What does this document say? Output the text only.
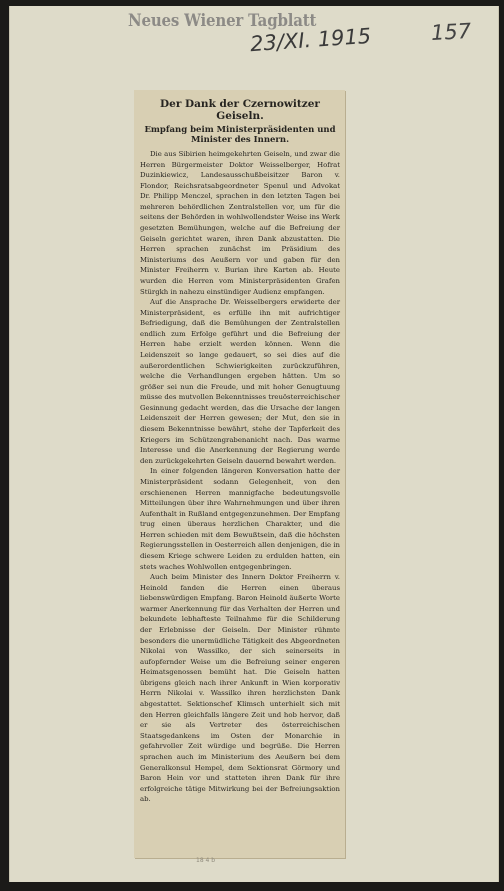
Neues Wiener Tagblatt
23/XI. 1915	157
Der Dank der Czernowitzer Geiseln.
Empfang beim Ministerpräsidenten und Minister des Innern.

Die aus Sibirien heimgekehrten Geiseln, und zwar die Herren Bürgermeister Doktor Weisselberger, Hofrat Duzinkiewicz, Landesausschußbeisitzer Baron v. Flondor, Reichsratsabgeordneter Spenul und Advokat Dr. Philipp Menczel, sprachen in den letzten Tagen bei mehreren behördlichen Zentralstellen vor, um für die seitens der Behörden in wohlwollendster Weise ins Werk gesetzten Bemühungen, welche auf die Befreiung der Geiseln gerichtet waren, ihren Dank abzustatten. Die Herren sprachen zunächst im Präsidium des Ministeriums des Aeußern vor und gaben für den Minister Freiherrn v. Burian ihre Karten ab. Heute wurden die Herren vom Ministerpräsidenten Grafen Stürgkh in nahezu einstündiger Audienz empfangen.

Auf die Ansprache Dr. Weisselbergers erwiderte der Ministerpräsident, es erfülle ihn mit aufrichtiger Befriedigung, daß die Bemühungen der Zentralstellen endlich zum Erfolge geführt und die Befreiung der Herren habe erzielt werden können. Wenn die Leidenszeit so lange gedauert, so sei dies auf die außerordentlichen Schwierigkeiten zurückzuführen, welche die Verhandlungen ergeben hätten. Um so größer sei nun die Freude, und mit hoher Genugtuung müsse des mutvollen Bekenntnisses treuösterreichischer Gesinnung gedacht werden, das die Ursache der langen Leidenszeit der Herren gewesen; der Mut, den sie in diesem Bekenntnisse bewährt, stehe der Tapferkeit des Kriegers im Schützengrabenanicht nach. Das warme Interesse und die Anerkennung der Regierung werde den zurückgekehrten Geiseln dauernd bewahrt werden.

In einer folgenden längeren Konversation hatte der Ministerpräsident sodann Gelegenheit, von den erschienenen Herren mannigfache bedeutungsvolle Mitteilungen über ihre Wahrnehmungen und über ihren Aufenthalt in Rußland entgegenzunehmen. Der Empfang trug einen überaus herzlichen Charakter, und die Herren schieden mit dem Bewußtsein, daß die höchsten Regierungsstellen in Oesterreich allen denjenigen, die in diesem Kriege schwere Leiden zu erdulden hatten, ein stets waches Wohlwollen entgegenbringen.

Auch beim Minister des Innern Doktor Freiherrn v. Heinold fanden die Herren einen überaus liebenswürdigen Empfang. Baron Heinold äußerte Worte warmer Anerkennung für das Verhalten der Herren und bekundete lebhafteste Teilnahme für die Schilderung der Erlebnisse der Geiseln. Der Minister rühmte besonders die unermüdliche Tätigkeit des Abgeordneten Nikolai von Wassilko, der sich seinerseits in aufopfernder Weise um die Befreiung seiner engeren Heimatsgenossen bemüht hat. Die Geiseln hatten übrigens gleich nach ihrer Ankunft in Wien korporativ Herrn Nikolai v. Wassilko ihren herzlichsten Dank abgestattet. Sektionschef Klimsch unterhielt sich mit den Herren gleichfalls längere Zeit und hob hervor, daß er sie als Vertreter des österreichischen Staatsgedankens im Osten der Monarchie in gefahrvoller Zeit würdige und begrüße. Die Herren sprachen auch im Ministerium des Aeußern bei dem Generalkonsul Hempel, dem Sektionsrat Görmory und Baron Hein vor und statteten ihren Dank für ihre erfolgreiche tätige Mitwirkung bei der Befreiungsaktion ab.

18 4 b
